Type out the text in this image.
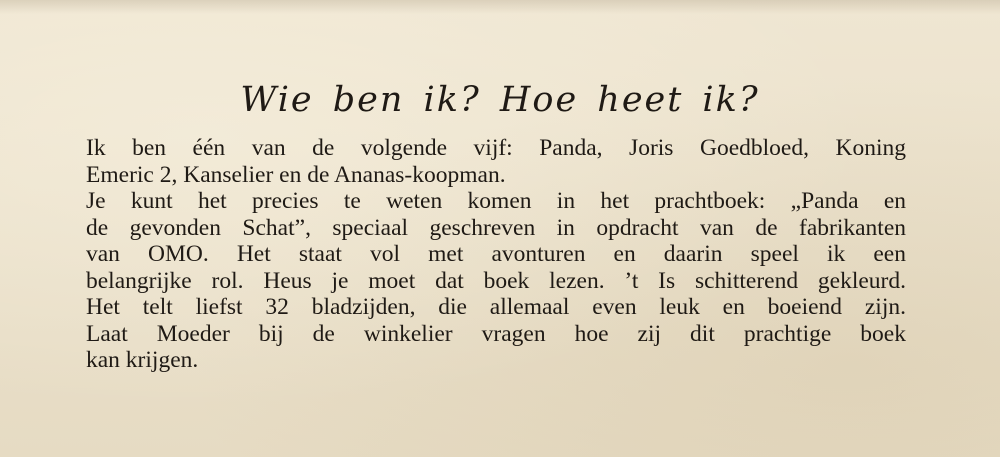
Wie ben ik? Hoe heet ik?
Ik ben één van de volgende vijf: Panda, Joris Goedbloed, Koning
Emeric 2, Kanselier en de Ananas-koopman.
Je kunt het precies te weten komen in het prachtboek: „Panda en
de gevonden Schat”, speciaal geschreven in opdracht van de fabrikanten
van OMO. Het staat vol met avonturen en daarin speel ik een
belangrijke rol. Heus je moet dat boek lezen. ’t Is schitterend gekleurd.
Het telt liefst 32 bladzijden, die allemaal even leuk en boeiend zijn.
Laat Moeder bij de winkelier vragen hoe zij dit prachtige boek
kan krijgen.
